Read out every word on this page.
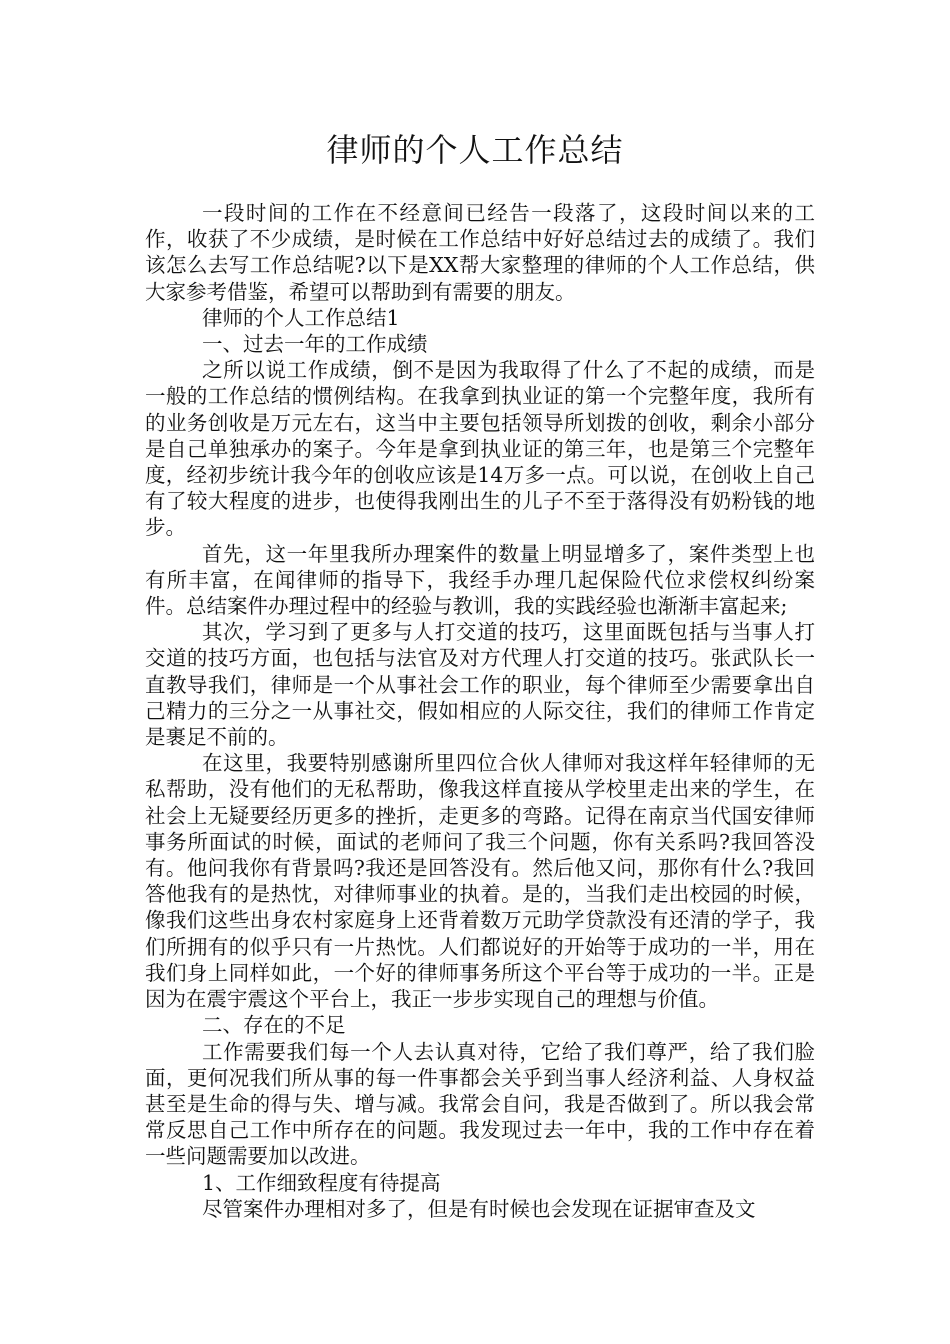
律师的个人工作总结

一段时间的工作在不经意间已经告一段落了，这段时间以来的工作，收获了不少成绩，是时候在工作总结中好好总结过去的成绩了。我们该怎么去写工作总结呢?以下是XX帮大家整理的律师的个人工作总结，供大家参考借鉴，希望可以帮助到有需要的朋友。

律师的个人工作总结1

一、过去一年的工作成绩

之所以说工作成绩，倒不是因为我取得了什么了不起的成绩，而是一般的工作总结的惯例结构。在我拿到执业证的第一个完整年度，我所有的业务创收是万元左右，这当中主要包括领导所划拨的创收，剩余小部分是自己单独承办的案子。今年是拿到执业证的第三年，也是第三个完整年度，经初步统计我今年的创收应该是14万多一点。可以说，在创收上自己有了较大程度的进步，也使得我刚出生的儿子不至于落得没有奶粉钱的地步。

首先，这一年里我所办理案件的数量上明显增多了，案件类型上也有所丰富，在闻律师的指导下，我经手办理几起保险代位求偿权纠纷案件。总结案件办理过程中的经验与教训，我的实践经验也渐渐丰富起来;

其次，学习到了更多与人打交道的技巧，这里面既包括与当事人打交道的技巧方面，也包括与法官及对方代理人打交道的技巧。张武队长一直教导我们，律师是一个从事社会工作的职业，每个律师至少需要拿出自己精力的三分之一从事社交，假如相应的人际交往，我们的律师工作肯定是裹足不前的。

在这里，我要特别感谢所里四位合伙人律师对我这样年轻律师的无私帮助，没有他们的无私帮助，像我这样直接从学校里走出来的学生，在社会上无疑要经历更多的挫折，走更多的弯路。记得在南京当代国安律师事务所面试的时候，面试的老师问了我三个问题，你有关系吗?我回答没有。他问我你有背景吗?我还是回答没有。然后他又问，那你有什么?我回答他我有的是热忱，对律师事业的执着。是的，当我们走出校园的时候，像我们这些出身农村家庭身上还背着数万元助学贷款没有还清的学子，我们所拥有的似乎只有一片热忱。人们都说好的开始等于成功的一半，用在我们身上同样如此，一个好的律师事务所这个平台等于成功的一半。正是因为在震宇震这个平台上，我正一步步实现自己的理想与价值。

二、存在的不足

工作需要我们每一个人去认真对待，它给了我们尊严，给了我们脸面，更何况我们所从事的每一件事都会关乎到当事人经济利益、人身权益甚至是生命的得与失、增与减。我常会自问，我是否做到了。所以我会常常反思自己工作中所存在的问题。我发现过去一年中，我的工作中存在着一些问题需要加以改进。

1、工作细致程度有待提高

尽管案件办理相对多了，但是有时候也会发现在证据审查及文
